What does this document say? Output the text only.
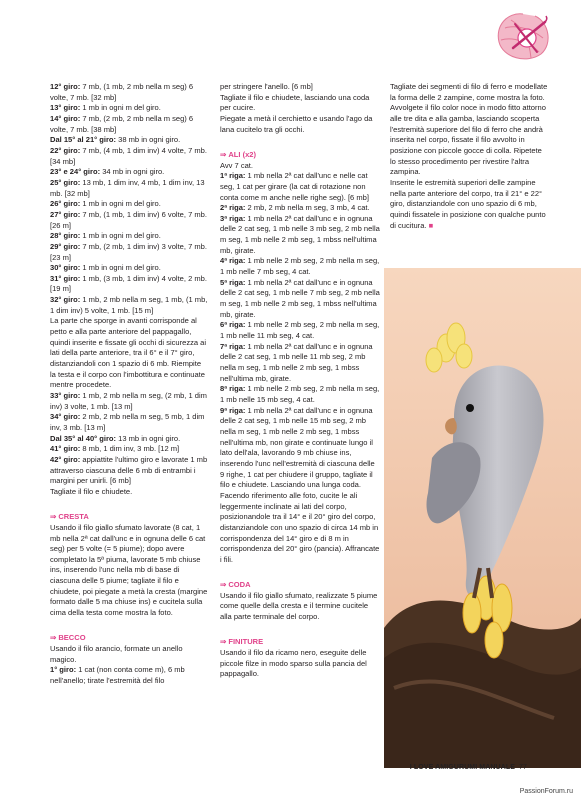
12° giro: 7 mb, (1 mb, 2 mb nella m seg) 6 volte, 7 mb. [32 mb]

13° giro: 1 mb in ogni m del giro.

14° giro: 7 mb, (2 mb, 2 mb nella m seg) 6 volte, 7 mb. [38 mb]

Dal 15° al 21° giro: 38 mb in ogni giro.

22° giro: 7 mb, (4 mb, 1 dim inv) 4 volte, 7 mb. [34 mb]

23° e 24° giro: 34 mb in ogni giro.

25° giro: 13 mb, 1 dim inv, 4 mb, 1 dim inv, 13 mb. [32 mb]

26° giro: 1 mb in ogni m del giro.

27° giro: 7 mb, (1 mb, 1 dim inv) 6 volte, 7 mb. [26 m]

28° giro: 1 mb in ogni m del giro.

29° giro: 7 mb, (2 mb, 1 dim inv) 3 volte, 7 mb. [23 m]

30° giro: 1 mb in ogni m del giro.

31° giro: 1 mb, (3 mb, 1 dim inv) 4 volte, 2 mb. [19 m]

32° giro: 1 mb, 2 mb nella m seg, 1 mb, (1 mb, 1 dim inv) 5 volte, 1 mb. [15 m]

La parte che sporge in avanti corrisponde al petto e alla parte anteriore del pappagallo, quindi inserite e fissate gli occhi di sicurezza ai lati della parte anteriore, tra il 6° e il 7° giro, distanziandoli con 1 spazio di 6 mb. Riempite la testa e il corpo con l'imbottitura e continuate mentre procedete.

33° giro: 1 mb, 2 mb nella m seg, (2 mb, 1 dim inv) 3 volte, 1 mb. [13 m]

34° giro: 2 mb, 2 mb nella m seg, 5 mb, 1 dim inv, 3 mb. [13 m]

Dal 35° al 40° giro: 13 mb in ogni giro.

41° giro: 8 mb, 1 dim inv, 3 mb. [12 m]

42° giro: appiattite l'ultimo giro e lavorate 1 mb attraverso ciascuna delle 6 mb di entrambi i margini per unirli. [6 mb]

Tagliate il filo e chiudete.

⇒ CRESTA

Usando il filo giallo sfumato lavorate (8 cat, 1 mb nella 2ª cat dall'unc e in ognuna delle 6 cat seg) per 5 volte (= 5 piume); dopo avere completato la 5ª piuma, lavorate 5 mb chiuse ins, inserendo l'unc nella mb di base di ciascuna delle 5 piume; tagliate il filo e chiudete, poi piegate a metà la cresta (margine formato dalle 5 ma chiuse ins) e cucitela sulla cima della testa come mostra la foto.

⇒ BECCO

Usando il filo arancio, formate un anello magico.

1° giro: 1 cat (non conta come m), 6 mb nell'anello; tirate l'estremità del filo

per stringere l'anello. [6 mb]

Tagliate il filo e chiudete, lasciando una coda per cucire.

Piegate a metà il cerchietto e usando l'ago da lana cucitelo tra gli occhi.

⇒ ALI (x2)

Avv 7 cat.

1ª riga: 1 mb nella 2ª cat dall'unc e nelle cat seg, 1 cat per girare (la cat di rotazione non conta come m anche nelle righe seg). [6 mb]

2ª riga: 2 mb, 2 mb nella m seg, 3 mb, 4 cat.

3ª riga: 1 mb nella 2ª cat dall'unc e in ognuna delle 2 cat seg, 1 mb nelle 3 mb seg, 2 mb nella m seg, 1 mb nelle 2 mb seg, 1 mbss nell'ultima mb, girate.

4ª riga: 1 mb nelle 2 mb seg, 2 mb nella m seg, 1 mb nelle 7 mb seg, 4 cat.

5ª riga: 1 mb nella 2ª cat dall'unc e in ognuna delle 2 cat seg, 1 mb nelle 7 mb seg, 2 mb nella m seg, 1 mb nelle 2 mb seg, 1 mbss nell'ultima mb, girate.

6ª riga: 1 mb nelle 2 mb seg, 2 mb nella m seg, 1 mb nelle 11 mb seg, 4 cat.

7ª riga: 1 mb nella 2ª cat dall'unc e in ognuna delle 2 cat seg, 1 mb nelle 11 mb seg, 2 mb nella m seg, 1 mb nelle 2 mb seg, 1 mbss nell'ultima mb, girate.

8ª riga: 1 mb nelle 2 mb seg, 2 mb nella m seg, 1 mb nelle 15 mb seg, 4 cat.

9ª riga: 1 mb nella 2ª cat dall'unc e in ognuna delle 2 cat seg, 1 mb nelle 15 mb seg, 2 mb nella m seg, 1 mb nelle 2 mb seg, 1 mbss nell'ultima mb, non girate e continuate lungo il lato dell'ala, lavorando 9 mb chiuse ins, inserendo l'unc nell'estremità di ciascuna delle 9 righe, 1 cat per chiudere il gruppo, tagliate il filo e chiudete. Lasciando una lunga coda.

Facendo riferimento alle foto, cucite le ali leggermente inclinate ai lati del corpo, posizionandole tra il 14° e il 20° giro del corpo, distanziandole con uno spazio di circa 14 mb in corrispondenza del 14° giro e di 8 m in corrispondenza del 20° giro (pancia). Affrancate i fili.

⇒ CODA

Usando il filo giallo sfumato, realizzate 5 piume come quelle della cresta e il termine cucitele alla parte terminale del corpo.

⇒ FINITURE

Usando il filo da ricamo nero, eseguite delle piccole filze in modo sparso sulla pancia del pappagallo.

Tagliate dei segmenti di filo di ferro e modellate la forma delle 2 zampine, come mostra la foto.

Avvolgete il filo color noce in modo fitto attorno alle tre dita e alla gamba, lasciando scoperta l'estremità superiore del filo di ferro che andrà inserita nel corpo, fissate il filo avvolto in posizione con piccole gocce di colla. Ripetete lo stesso procedimento per rivestire l'altra zampina.

Inserite le estremità superiori delle zampine nella parte anteriore del corpo, tra il 21° e 22° giro, distanziandole con uno spazio di 6 mb, quindi fissatele in posizione con qualche punto di cucitura. ■

I LOVE AMIGURUMI MANUALE 77
PassionForum.ru
